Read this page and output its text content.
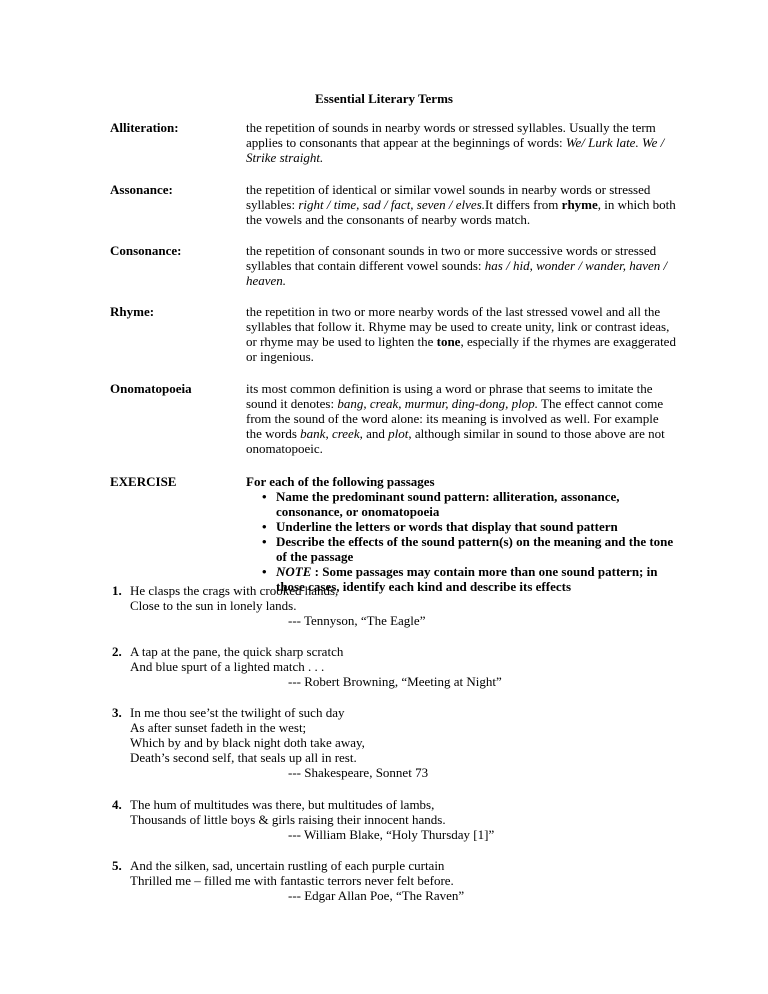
Essential Literary Terms
Alliteration:	the repetition of sounds in nearby words or stressed syllables. Usually the term applies to consonants that appear at the beginnings of words: We/ Lurk late. We / Strike straight.
Assonance:	the repetition of identical or similar vowel sounds in nearby words or stressed syllables: right / time, sad / fact, seven / elves.It differs from rhyme, in which both the vowels and the consonants of nearby words match.
Consonance:	the repetition of consonant sounds in two or more successive words or stressed syllables that contain different vowel sounds: has / hid, wonder / wander, haven / heaven.
Rhyme:	the repetition in two or more nearby words of the last stressed vowel and all the syllables that follow it. Rhyme may be used to create unity, link or contrast ideas, or rhyme may be used to lighten the tone, especially if the rhymes are exaggerated or ingenious.
Onomatopoeia	its most common definition is using a word or phrase that seems to imitate the sound it denotes: bang, creak, murmur, ding-dong, plop. The effect cannot come from the sound of the word alone: its meaning is involved as well. For example the words bank, creek, and plot, although similar in sound to those above are not onomatopoeic.
EXERCISE	For each of the following passages
• Name the predominant sound pattern: alliteration, assonance, consonance, or onomatopoeia
• Underline the letters or words that display that sound pattern
• Describe the effects of the sound pattern(s) on the meaning and the tone of the passage
• NOTE : Some passages may contain more than one sound pattern; in those cases, identify each kind and describe its effects
1. He clasps the crags with crooked hands,
Close to the sun in lonely lands.
--- Tennyson, “The Eagle”
2. A tap at the pane, the quick sharp scratch
And blue spurt of a lighted match . . .
--- Robert Browning, “Meeting at Night”
3. In me thou see’st the twilight of such day
As after sunset fadeth in the west;
Which by and by black night doth take away,
Death’s second self, that seals up all in rest.
--- Shakespeare, Sonnet 73
4. The hum of multitudes was there, but multitudes of lambs,
Thousands of little boys & girls raising their innocent hands.
--- William Blake, “Holy Thursday [1]”
5. And the silken, sad, uncertain rustling of each purple curtain
Thrilled me – filled me with fantastic terrors never felt before.
--- Edgar Allan Poe, “The Raven”
